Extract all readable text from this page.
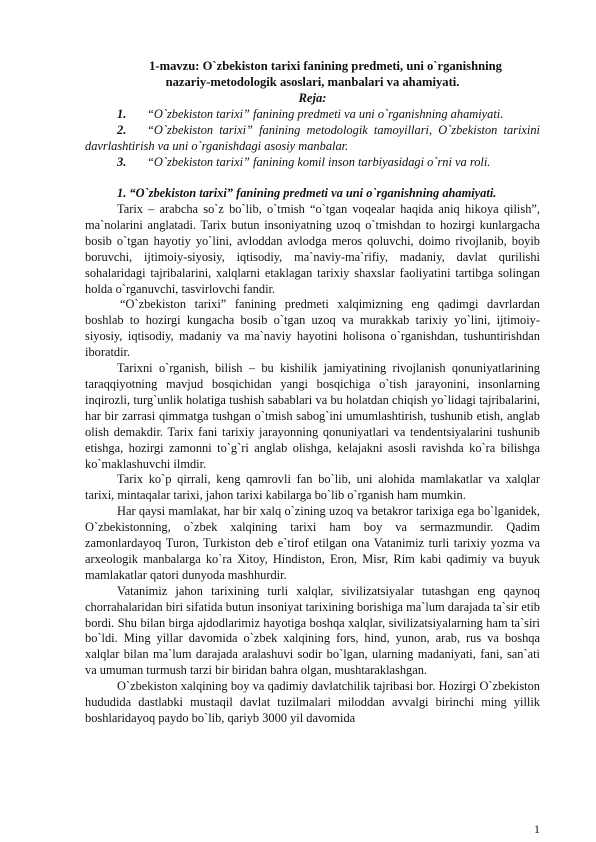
1-mavzu: O`zbekiston tarixi fanining predmeti, uni o`rganishning
nazariy-metodologik asoslari, manbalari va ahamiyati.
Reja:

1. “O`zbekiston tarixi” fanining predmeti va uni o`rganishning ahamiyati.

2. “O`zbekiston tarixi” fanining metodologik tamoyillari, O`zbekiston tarixini davrlashtirish va uni o`rganishdagi asosiy manbalar.

3. “O`zbekiston tarixi” fanining komil inson tarbiyasidagi o`rni va roli.

1. “O`zbekiston tarixi” fanining predmeti va uni o`rganishning ahamiyati.

Tarix – arabcha so`z bo`lib, o`tmish “o`tgan voqealar haqida aniq hikoya qilish”, ma`nolarini anglatadi. Tarix butun insoniyatning uzoq o`tmishdan to hozirgi kunlargacha bosib o`tgan hayotiy yo`lini, avloddan avlodga meros qoluvchi, doimo rivojlanib, boyib boruvchi, ijtimoiy-siyosiy, iqtisodiy, ma`naviy-ma`rifiy, madaniy, davlat qurilishi sohalaridagi tajribalarini, xalqlarni etaklagan tarixiy shaxslar faoliyatini tartibga solingan holda o`rganuvchi, tasvirlovchi fandir.

“O`zbekiston tarixi” fanining predmeti xalqimizning eng qadimgi davrlardan boshlab to hozirgi kungacha bosib o`tgan uzoq va murakkab tarixiy yo`lini, ijtimoiy-siyosiy, iqtisodiy, madaniy va ma`naviy hayotini holisona o`rganishdan, tushuntirishdan iboratdir.

Tarixni o`rganish, bilish – bu kishilik jamiyatining rivojlanish qonuniyatlarining taraqqiyotning mavjud bosqichidan yangi bosqichiga o`tish jarayonini, insonlarning inqirozli, turg`unlik holatiga tushish sabablari va bu holatdan chiqish yo`lidagi tajribalarini, har bir zarrasi qimmatga tushgan o`tmish sabog`ini umumlashtirish, tushunib etish, anglab olish demakdir. Tarix fani tarixiy jarayonning qonuniyatlari va tendentsiyalarini tushunib etishga, hozirgi zamonni to`g`ri anglab olishga, kelajakni asosli ravishda ko`ra bilishga ko`maklashuvchi ilmdir.

Tarix ko`p qirrali, keng qamrovli fan bo`lib, uni alohida mamlakatlar va xalqlar tarixi, mintaqalar tarixi, jahon tarixi kabilarga bo`lib o`rganish ham mumkin.

Har qaysi mamlakat, har bir xalq o`zining uzoq va betakror tarixiga ega bo`lganidek, O`zbekistonning, o`zbek xalqining tarixi ham boy va sermazmundir. Qadim zamonlardayoq Turon, Turkiston deb e`tirof etilgan ona Vatanimiz turli tarixiy yozma va arxeologik manbalarga ko`ra Xitoy, Hindiston, Eron, Misr, Rim kabi qadimiy va buyuk mamlakatlar qatori dunyoda mashhurdir.

Vatanimiz jahon tarixining turli xalqlar, sivilizatsiyalar tutashgan eng qaynoq chorrahalaridan biri sifatida butun insoniyat tarixining borishiga ma`lum darajada ta`sir etib bordi. Shu bilan birga ajdodlarimiz hayotiga boshqa xalqlar, sivilizatsiyalarning ham ta`siri bo`ldi. Ming yillar davomida o`zbek xalqining fors, hind, yunon, arab, rus va boshqa xalqlar bilan ma`lum darajada aralashuvi sodir bo`lgan, ularning madaniyati, fani, san`ati va umuman turmush tarzi bir biridan bahra olgan, mushtaraklashgan.

O`zbekiston xalqining boy va qadimiy davlatchilik tajribasi bor. Hozirgi O`zbekiston hududida dastlabki mustaqil davlat tuzilmalari miloddan avvalgi birinchi ming yillik boshlaridayoq paydo bo`lib, qariyb 3000 yil davomida

1
